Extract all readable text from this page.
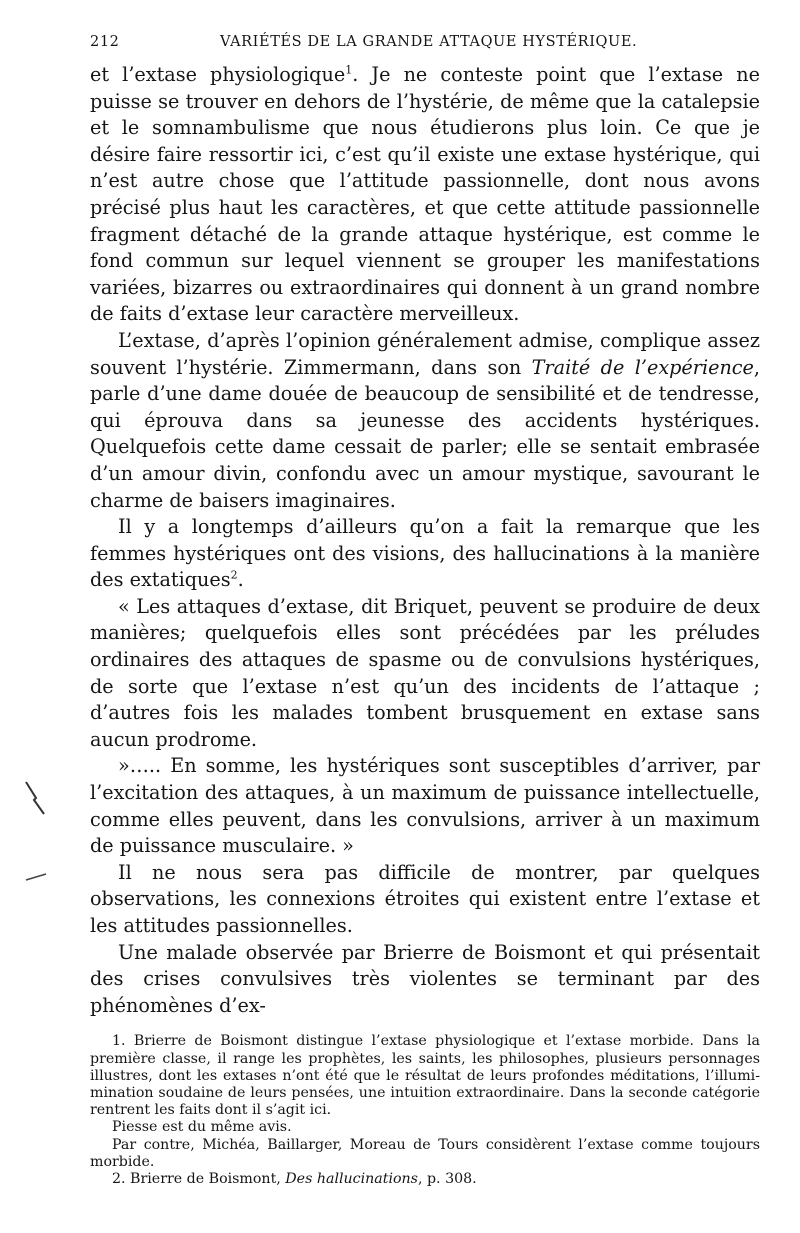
212	VARIÉTÉS DE LA GRANDE ATTAQUE HYSTÉRIQUE.

et l’extase physiologique$^1$. Je ne conteste point que l’extase ne puisse se trouver en dehors de l’hystérie, de même que la catalepsie et le somnambulisme que nous étudierons plus loin. Ce que je désire faire ressortir ici, c’est qu’il existe une extase hystérique, qui n’est autre chose que l’attitude passionnelle, dont nous avons précisé plus haut les caractères, et que cette attitude passionnelle fragment détaché de la grande attaque hystérique, est comme le fond commun sur lequel viennent se grouper les manifestations variées, bizarres ou extraordinaires qui donnent à un grand nombre de faits d’extase leur caractère merveilleux.

L’extase, d’après l’opinion généralement admise, complique assez souvent l’hystérie. Zimmermann, dans son Traité de l’expérience, parle d’une dame douée de beaucoup de sensibilité et de tendresse, qui éprouva dans sa jeunesse des accidents hystériques. Quelquefois cette dame cessait de parler; elle se sentait embrasée d’un amour divin, confondu avec un amour mystique, savourant le charme de baisers imaginaires.

Il y a longtemps d’ailleurs qu’on a fait la remarque que les femmes hystériques ont des visions, des hallucinations à la manière des extatiques$^2$.

« Les attaques d’extase, dit Briquet, peuvent se produire de deux manières; quelquefois elles sont précédées par les préludes ordinaires des attaques de spasme ou de convulsions hystériques, de sorte que l’extase n’est qu’un des incidents de l’attaque ; d’autres fois les malades tombent brusquement en extase sans aucun prodrome.

»….. En somme, les hystériques sont susceptibles d’arriver, par l’excitation des attaques, à un maximum de puissance intellectuelle, comme elles peuvent, dans les convulsions, arriver à un maximum de puissance musculaire. »

Il ne nous sera pas difficile de montrer, par quelques observations, les connexions étroites qui existent entre l’extase et les attitudes passionnelles.

Une malade observée par Brierre de Boismont et qui présentait des crises convulsives très violentes se terminant par des phénomènes d’ex-

1. Brierre de Boismont distingue l’extase physiologique et l’extase morbide. Dans la première classe, il range les prophètes, les saints, les philosophes, plusieurs personnages illustres, dont les extases n’ont été que le résultat de leurs profondes méditations, l’illumimination soudaine de leurs pensées, une intuition extraordinaire. Dans la seconde catégorie rentrent les faits dont il s’agit ici.

Piesse est du même avis.

Par contre, Michéa, Baillarger, Moreau de Tours considèrent l’extase comme toujours morbide.

2. Brierre de Boismont, Des hallucinations, p. 308.
